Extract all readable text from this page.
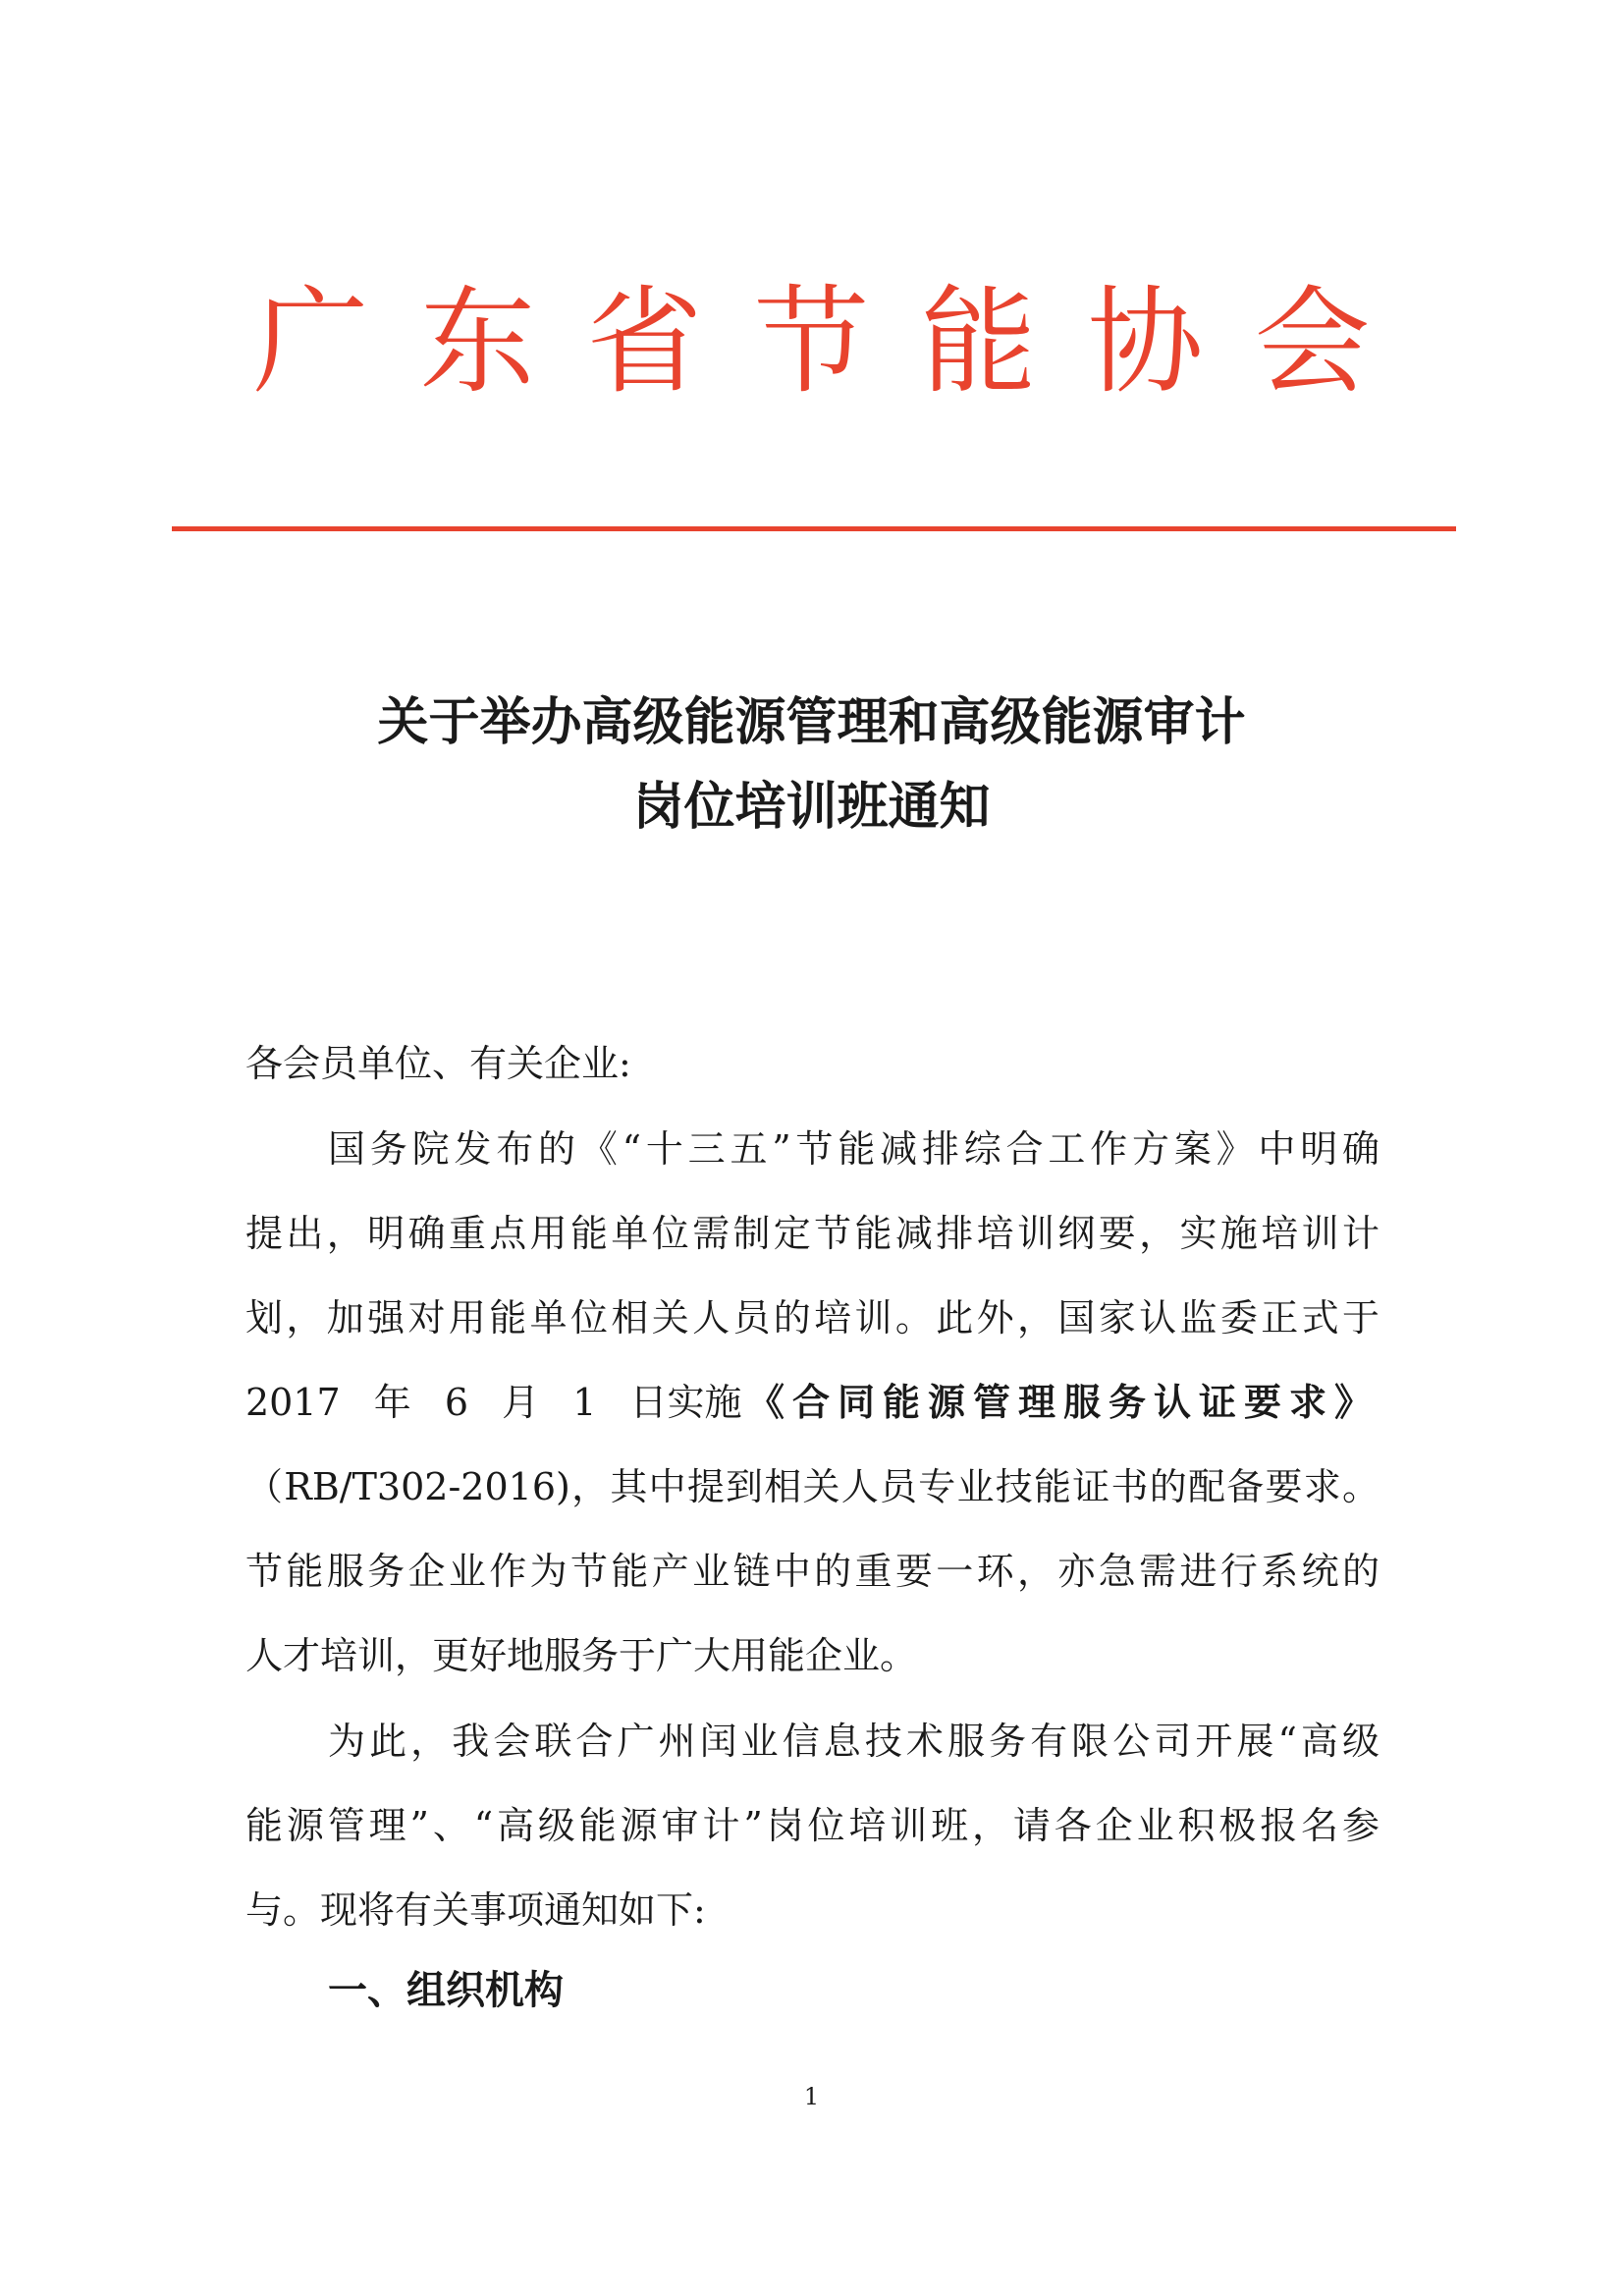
广东省节能协会
关于举办高级能源管理和高级能源审计
岗位培训班通知
各会员单位、有关企业:
国务院发布的《“十三五”节能减排综合工作方案》中明确
提出，明确重点用能单位需制定节能减排培训纲要，实施培训计
划，加强对用能单位相关人员的培训。此外，国家认监委正式于
2017 年 6 月 1 日实施 《合同能源管理服务认证要求》
（RB/T302-2016)，其中提到相关人员专业技能证书的配备要求。
节能服务企业作为节能产业链中的重要一环，亦急需进行系统的
人才培训，更好地服务于广大用能企业。
为此，我会联合广州闰业信息技术服务有限公司开展“高级
能源管理”、“高级能源审计”岗位培训班，请各企业积极报名参
与。现将有关事项通知如下:
一、组织机构
1
